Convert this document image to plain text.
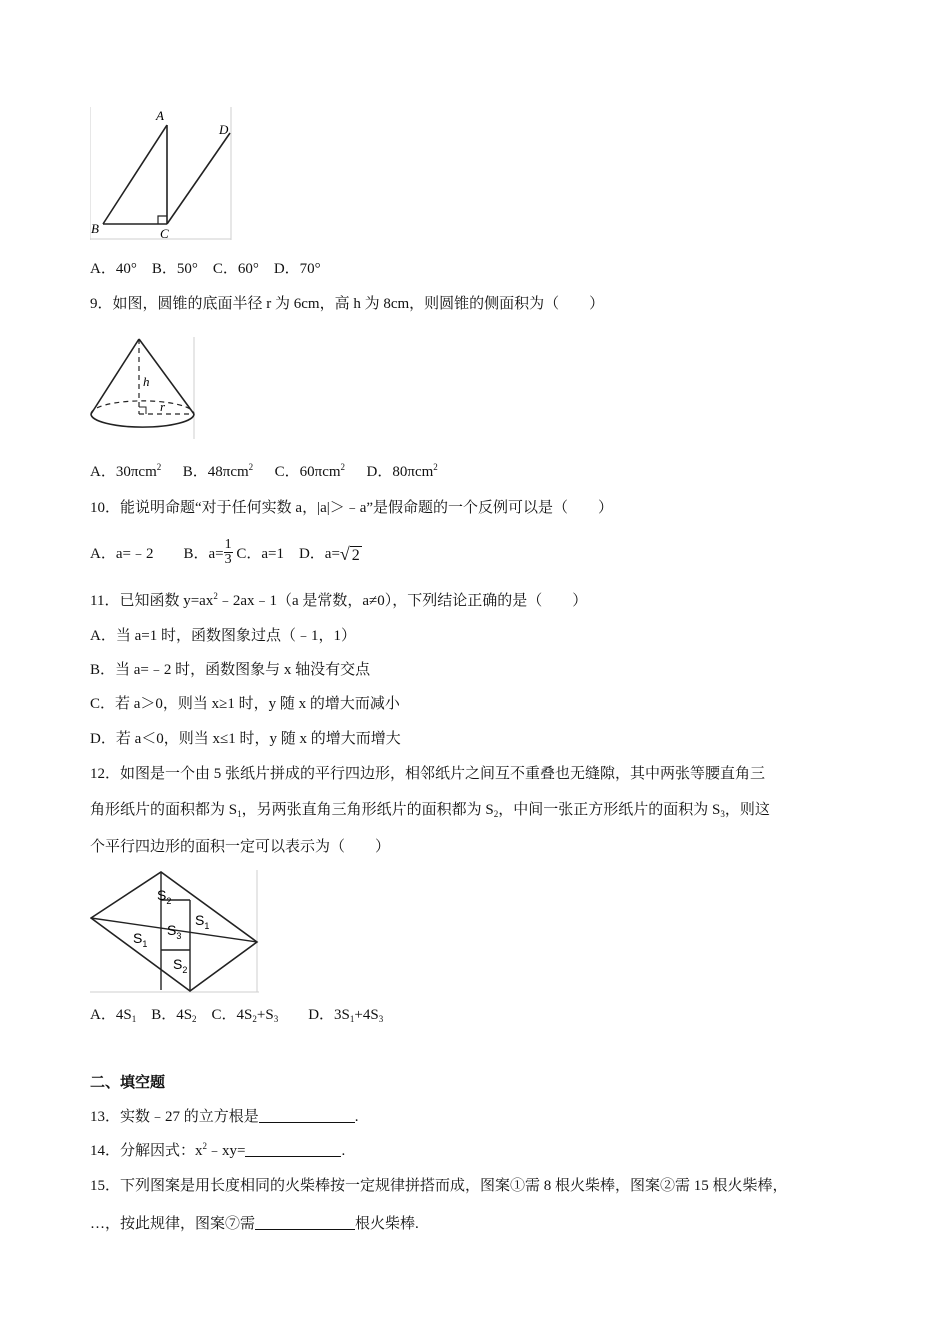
A
B	C
D
A．40°　B．50°　C．60°　D．70°
9．如图，圆锥的底面半径 r 为 6cm，高 h 为 8cm，则圆锥的侧面积为（　　）
h
r
A．30πcm$^2$ B．48πcm$^2$ C．60πcm$^2$ D．80πcm$^2$
10．能说明命题“对于任何实数 a，|a|＞﹣a”是假命题的一个反例可以是（　　）
A．a=﹣2　　B．$a= \frac{1}{3}$ C．a=1　D．a=√ 2
11．已知函数 $y=ax^2﹣2ax﹣1(a$ 是常数，a≠0），下列结论正确的是（　　）
A．当 a=1 时，函数图象过点（﹣1，1）
B．当 a=﹣2 时，函数图象与 x 轴没有交点
C．若 a＞0，则当 x≥1 时，y 随 x 的增大而减小
D．若 a＜0，则当 x≤1 时，y 随 x 的增大而增大
12．如图是一个由 5 张纸片拼成的平行四边形，相邻纸片之间互不重叠也无缝隙，其中两张等腰直角三
角形纸片的面积都为 $S_1$，另两张直角三角形纸片的面积都为 $S_2$，中间一张正方形纸片的面积为 $S_3$，则这
个平行四边形的面积一定可以表示为（　　）
$S_2$
$S_1$
$S_1$
$S_3$
$S_2$
A．$4S_1$　B．$4S_2$　C．$4S_2+S_3$　　D．$3S_1+4S_3$
二、填空题
13．实数﹣27 的立方根是	.
14．分解因式：$x^2﹣xy=$	.
15．下列图案是用长度相同的火柴棒按一定规律拼搭而成，图案①需 8 根火柴棒，图案②需 15 根火柴棒，
…，按此规律，图案⑦需	根火柴棒.
